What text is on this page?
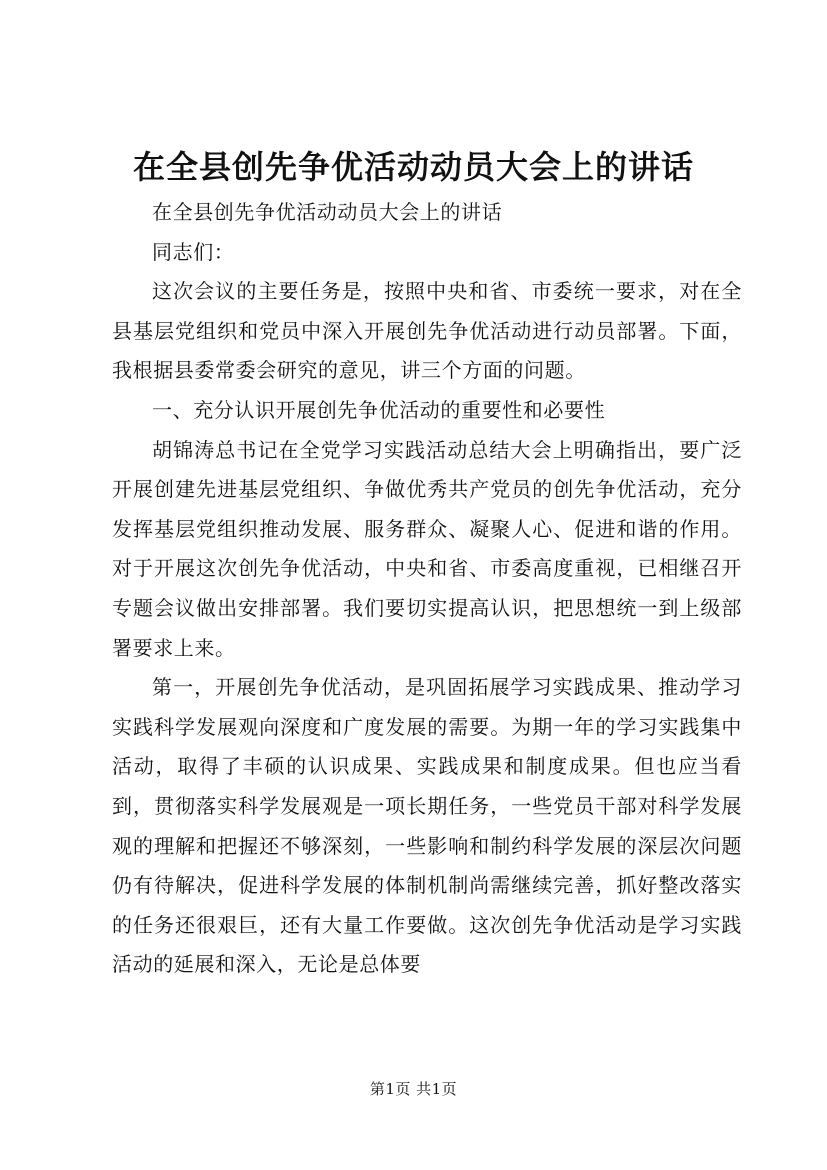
在全县创先争优活动动员大会上的讲话

在全县创先争优活动动员大会上的讲话

同志们：

这次会议的主要任务是，按照中央和省、市委统一要求，对在全县基层党组织和党员中深入开展创先争优活动进行动员部署。下面，我根据县委常委会研究的意见，讲三个方面的问题。

一、充分认识开展创先争优活动的重要性和必要性

胡锦涛总书记在全党学习实践活动总结大会上明确指出，要广泛开展创建先进基层党组织、争做优秀共产党员的创先争优活动，充分发挥基层党组织推动发展、服务群众、凝聚人心、促进和谐的作用。对于开展这次创先争优活动，中央和省、市委高度重视，已相继召开专题会议做出安排部署。我们要切实提高认识，把思想统一到上级部署要求上来。

第一，开展创先争优活动，是巩固拓展学习实践成果、推动学习实践科学发展观向深度和广度发展的需要。为期一年的学习实践集中活动，取得了丰硕的认识成果、实践成果和制度成果。但也应当看到，贯彻落实科学发展观是一项长期任务，一些党员干部对科学发展观的理解和把握还不够深刻，一些影响和制约科学发展的深层次问题仍有待解决，促进科学发展的体制机制尚需继续完善，抓好整改落实的任务还很艰巨，还有大量工作要做。这次创先争优活动是学习实践活动的延展和深入，无论是总体要

第1页 共1页
